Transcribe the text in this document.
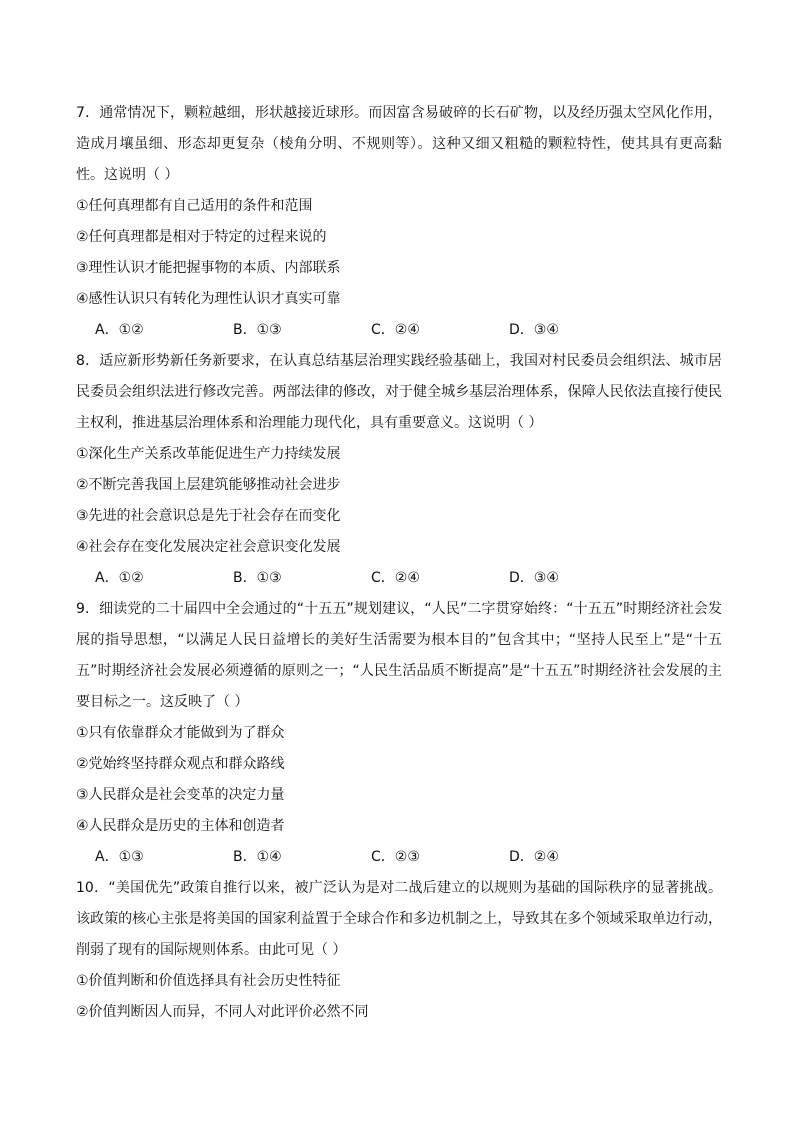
7．通常情况下，颗粒越细，形状越接近球形。而因富含易破碎的长石矿物，以及经历强太空风化作用，造成月壤虽细、形态却更复杂（棱角分明、不规则等）。这种又细又粗糙的颗粒特性，使其具有更高黏性。这说明（ ）

①任何真理都有自己适用的条件和范围

②任何真理都是相对于特定的过程来说的

③理性认识才能把握事物的本质、内部联系

④感性认识只有转化为理性认识才真实可靠

A．①②	B．①③	C．②④	D．③④

8．适应新形势新任务新要求，在认真总结基层治理实践经验基础上，我国对村民委员会组织法、城市居民委员会组织法进行修改完善。两部法律的修改，对于健全城乡基层治理体系，保障人民依法直接行使民主权利，推进基层治理体系和治理能力现代化，具有重要意义。这说明（ ）

①深化生产关系改革能促进生产力持续发展

②不断完善我国上层建筑能够推动社会进步

③先进的社会意识总是先于社会存在而变化

④社会存在变化发展决定社会意识变化发展

A．①②	B．①③	C．②④	D．③④

9．细读党的二十届四中全会通过的“十五五”规划建议，“人民”二字贯穿始终：“十五五”时期经济社会发展的指导思想，“以满足人民日益增长的美好生活需要为根本目的”包含其中；“坚持人民至上”是“十五五”时期经济社会发展必须遵循的原则之一；“人民生活品质不断提高”是“十五五”时期经济社会发展的主要目标之一。这反映了（ ）

①只有依靠群众才能做到为了群众

②党始终坚持群众观点和群众路线

③人民群众是社会变革的决定力量

④人民群众是历史的主体和创造者

A．①③	B．①④	C．②③	D．②④

10．“美国优先”政策自推行以来，被广泛认为是对二战后建立的以规则为基础的国际秩序的显著挑战。该政策的核心主张是将美国的国家利益置于全球合作和多边机制之上，导致其在多个领域采取单边行动，削弱了现有的国际规则体系。由此可见（ ）

①价值判断和价值选择具有社会历史性特征

②价值判断因人而异，不同人对此评价必然不同
